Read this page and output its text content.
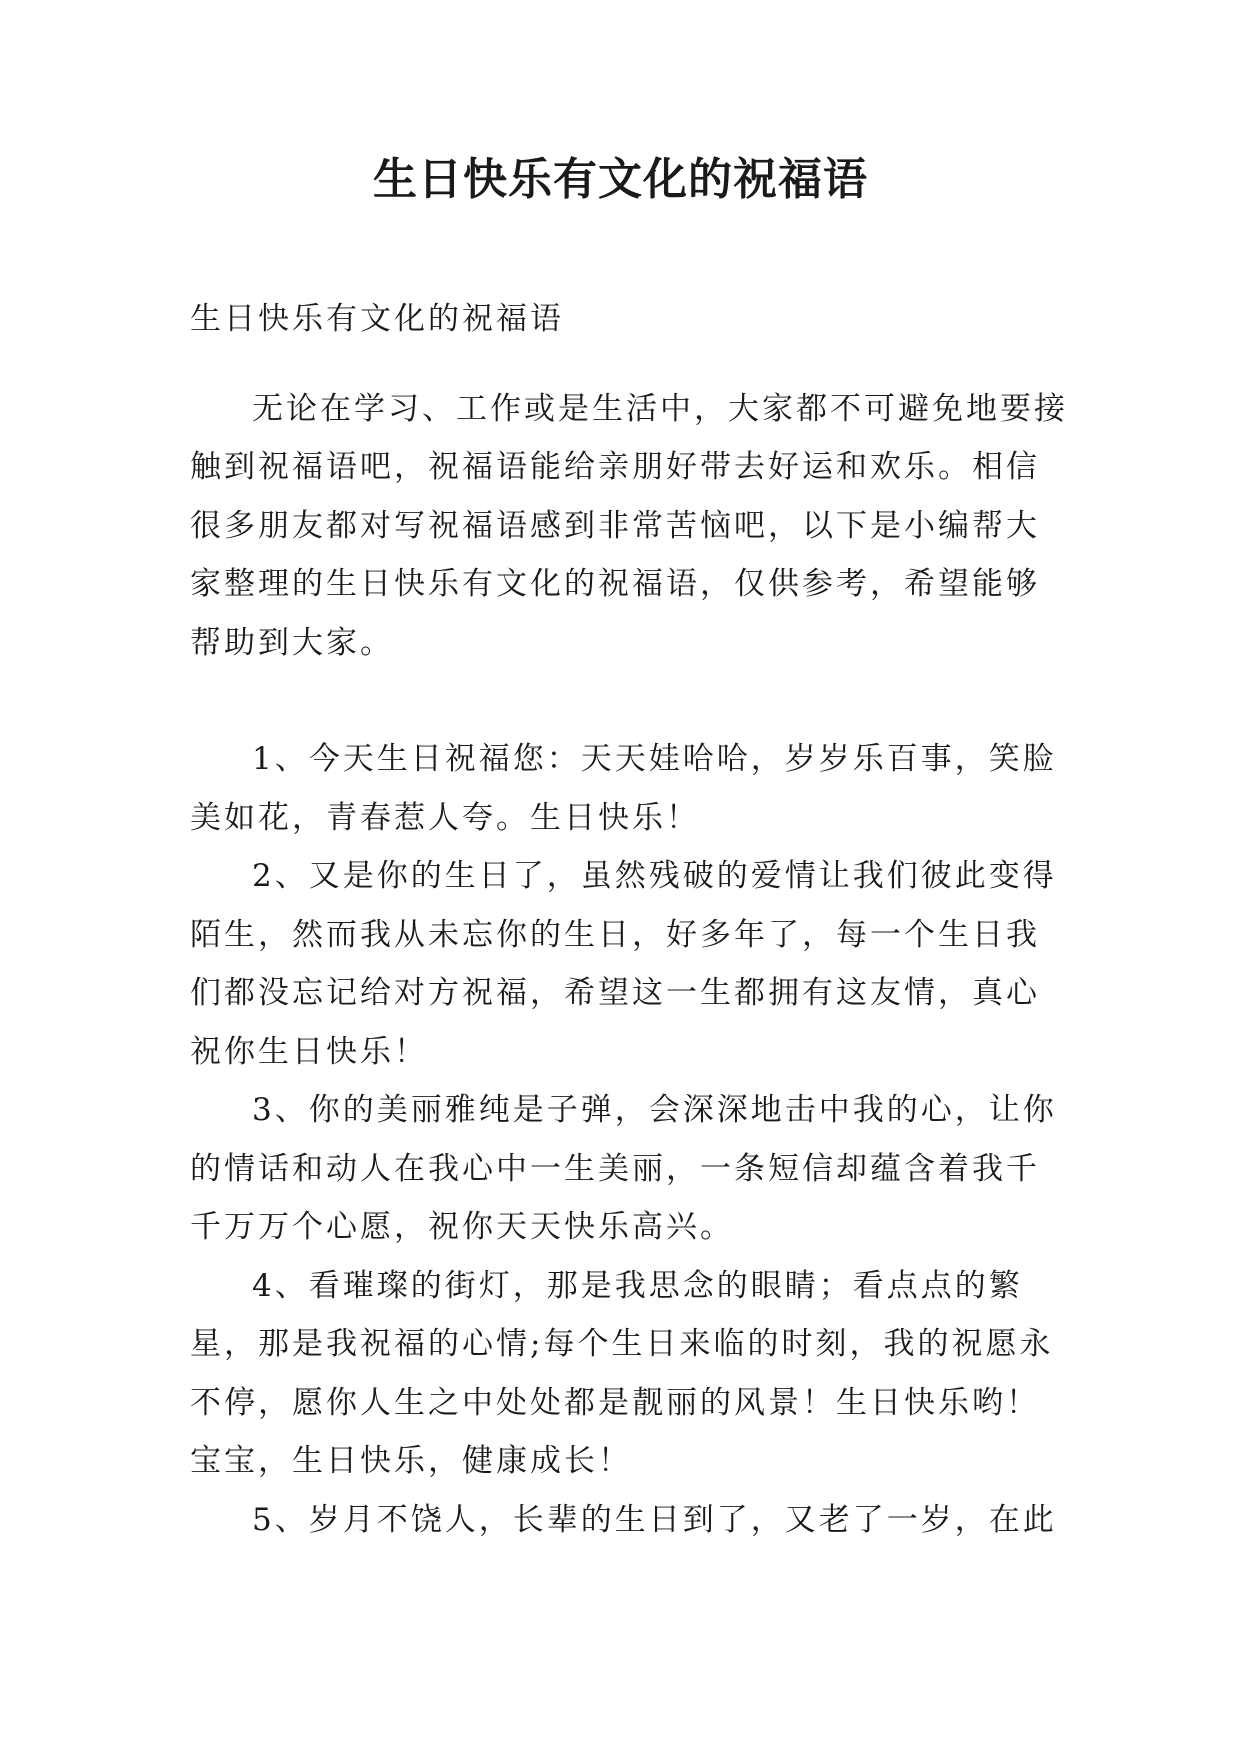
生日快乐有文化的祝福语

生日快乐有文化的祝福语

无论在学习、工作或是生活中，大家都不可避免地要接触到祝福语吧，祝福语能给亲朋好带去好运和欢乐。相信很多朋友都对写祝福语感到非常苦恼吧，以下是小编帮大家整理的生日快乐有文化的祝福语，仅供参考，希望能够帮助到大家。

1、今天生日祝福您：天天娃哈哈，岁岁乐百事，笑脸美如花，青春惹人夸。生日快乐！

2、又是你的生日了，虽然残破的爱情让我们彼此变得陌生，然而我从未忘你的生日，好多年了，每一个生日我们都没忘记给对方祝福，希望这一生都拥有这友情，真心祝你生日快乐！

3、你的美丽雅纯是子弹，会深深地击中我的心，让你的情话和动人在我心中一生美丽，一条短信却蕴含着我千千万万个心愿，祝你天天快乐高兴。

4、看璀璨的街灯，那是我思念的眼睛；看点点的繁星，那是我祝福的心情;每个生日来临的时刻，我的祝愿永不停，愿你人生之中处处都是靓丽的风景！生日快乐哟！宝宝，生日快乐，健康成长！

5、岁月不饶人，长辈的生日到了，又老了一岁，在此
